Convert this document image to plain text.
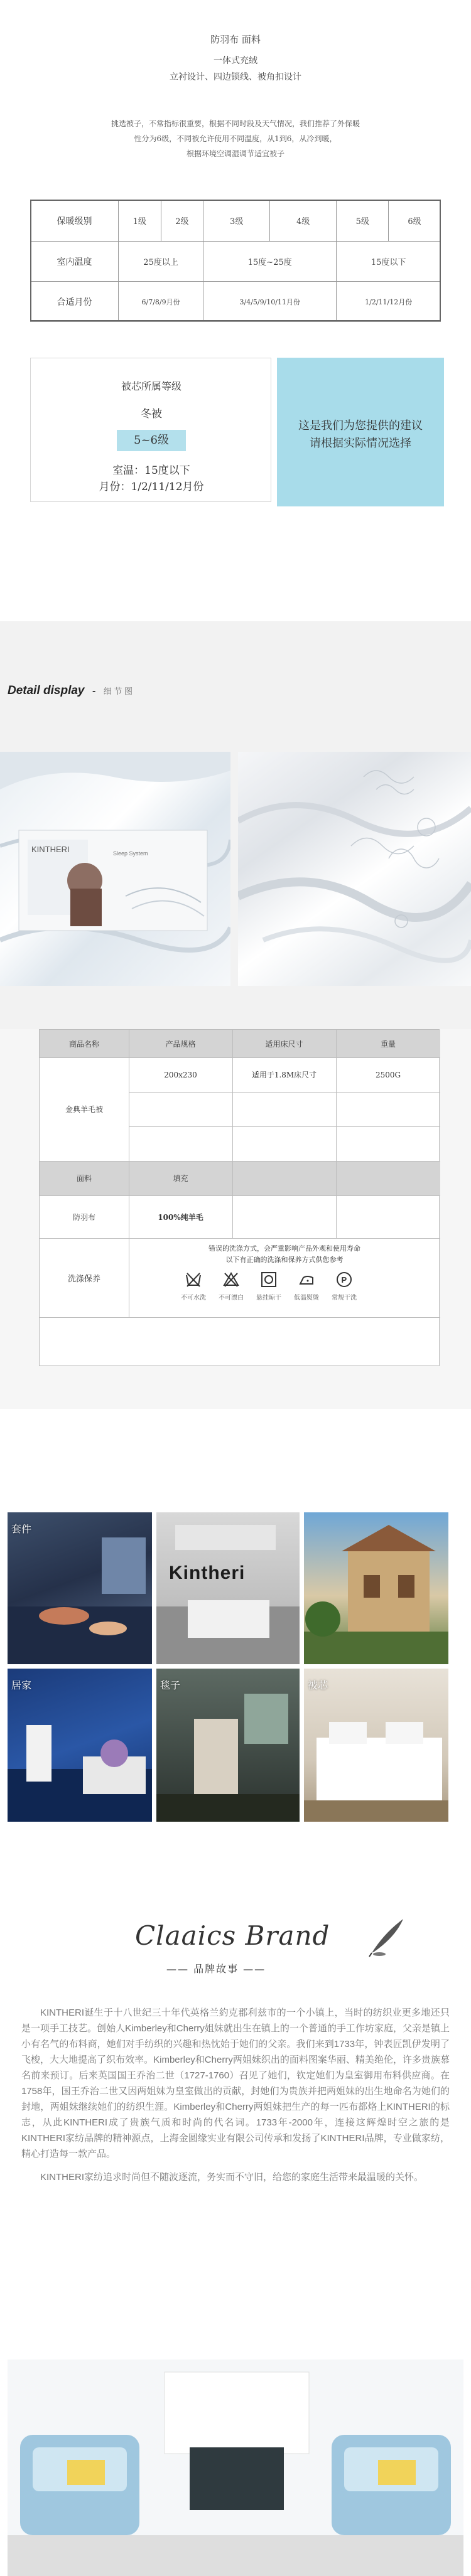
防羽布 面料
一体式充绒
立衬设计、四边锁线、被角扣设计
挑选被子，不常指标很重要，根据不同时段及天气情况，我们推荐了外保暖
性分为6级，不同被允许使用不同温度，从1到6，从冷到暖，
根据环境空调湿调节适宜被子
保暖级别	1级	2级	3级	4级	5级	6级
室内温度	25度以上		15度~25度		15度以下	
合适月份	6/7/8/9月份		3/4/5/9/10/11月份		1/2/11/12月份	
被芯所属等级
冬被
5~6级
室温：15度以下
月份：1/2/11/12月份
这是我们为您提供的建议
请根据实际情况选择
Detail display - 细 节 图
KINTHERI	Sleep System
商品名称	产品规格	适用床尺寸	重量
金典羊毛被
200x230	适用于1.8M床尺寸	2500G
面料	填充
防羽布	100%纯羊毛
洗涤保养
错误的洗涤方式，会严重影响产品外观和使用寿命
以下有正确的洗涤和保养方式供您参考
P
不可水洗	不可漂白	悬挂晾干	低温熨烫	常规干洗
套件
Kintheri
居家	毯子	被芯
Claaics Brand
—— 品牌故事 ——

KINTHERI诞生于十八世纪三十年代英格兰約克郡利兹市的一个小镇上，当时的纺织业更多地还只是一项手工技艺。创始人Kimberley和Cherry姐妹就出生在镇上的一个普通的手工作坊家庭，父亲是镇上小有名气的布料商，她们对手纺织的兴趣和热忱始于她们的父亲。我们来到1733年，钟表匠凯伊发明了飞梭，大大地提高了织布效率。Kimberley和Cherry两姐妹织出的面料图案华丽、精美绝伦，许多贵族慕名前来预订。后来英国国王乔治二世（1727-1760）召见了她们，钦定她们为皇室御用布料供应商。在1758年，国王乔治二世又因两姐妹为皇室做出的贡献，封她们为贵族并把两姐妹的出生地命名为她们的封地，两姐妹继续她们的纺织生涯。Kimberley和Cherry两姐妹把生产的每一匹布都烙上KINTHERI的标志，从此KINTHERI成了贵族气质和时尚的代名词。1733年-2000年，连接这辉煌时空之旅的是KINTHERI家纺品牌的精神源点，上海金圆缘实业有限公司传承和发扬了KINTHERI品牌，专业做家纺，精心打造每一款产品。

KINTHERI家纺追求时尚但不随波逐流，务实而不守旧，给您的家庭生活带来最温暖的关怀。
